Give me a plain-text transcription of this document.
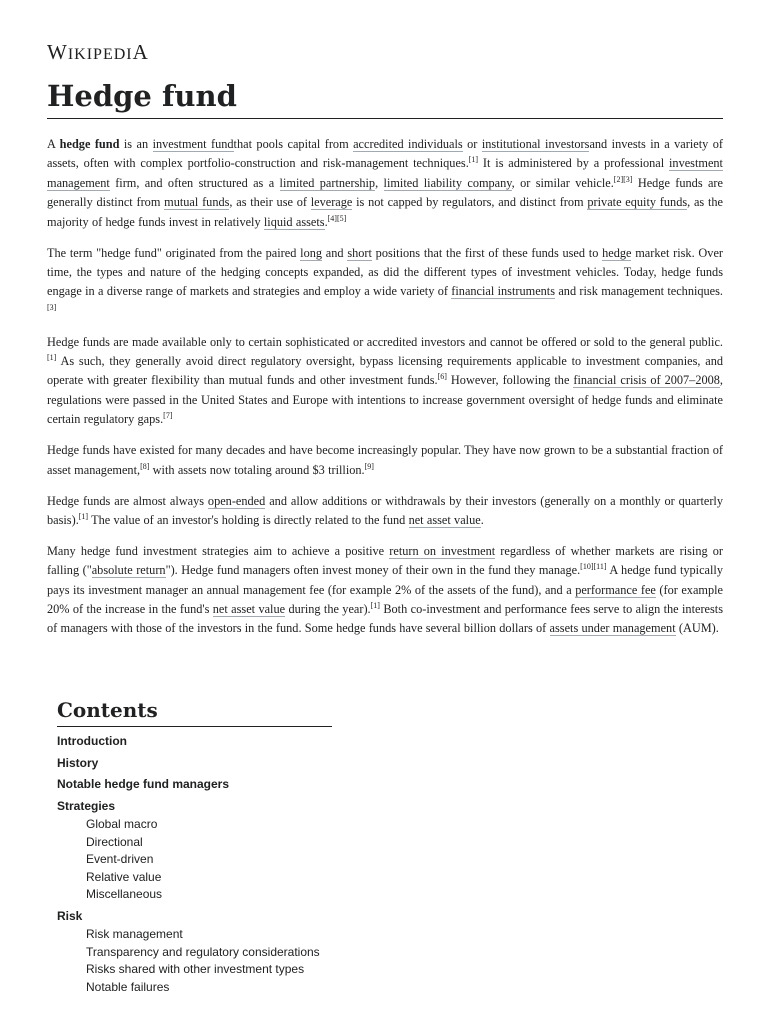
WIKIPEDIA
Hedge fund

A hedge fund is an investment fundthat pools capital from accredited individuals or institutional investorsand invests in a variety of assets, often with complex portfolio-construction and risk-management techniques.[1] It is administered by a professional investment management firm, and often structured as a limited partnership, limited liability company, or similar vehicle.[2][3] Hedge funds are generally distinct from mutual funds, as their use of leverage is not capped by regulators, and distinct from private equity funds, as the majority of hedge funds invest in relatively liquid assets.[4][5]

The term "hedge fund" originated from the paired long and short positions that the first of these funds used to hedge market risk. Over time, the types and nature of the hedging concepts expanded, as did the different types of investment vehicles. Today, hedge funds engage in a diverse range of markets and strategies and employ a wide variety of financial instruments and risk management techniques.[3]

Hedge funds are made available only to certain sophisticated or accredited investors and cannot be offered or sold to the general public.[1] As such, they generally avoid direct regulatory oversight, bypass licensing requirements applicable to investment companies, and operate with greater flexibility than mutual funds and other investment funds.[6] However, following the financial crisis of 2007–2008, regulations were passed in the United States and Europe with intentions to increase government oversight of hedge funds and eliminate certain regulatory gaps.[7]

Hedge funds have existed for many decades and have become increasingly popular. They have now grown to be a substantial fraction of asset management,[8] with assets now totaling around $3 trillion.[9]

Hedge funds are almost always open-ended and allow additions or withdrawals by their investors (generally on a monthly or quarterly basis).[1] The value of an investor's holding is directly related to the fund net asset value.

Many hedge fund investment strategies aim to achieve a positive return on investment regardless of whether markets are rising or falling ("absolute return"). Hedge fund managers often invest money of their own in the fund they manage.[10][11] A hedge fund typically pays its investment manager an annual management fee (for example 2% of the assets of the fund), and a performance fee (for example 20% of the increase in the fund's net asset value during the year).[1] Both co-investment and performance fees serve to align the interests of managers with those of the investors in the fund. Some hedge funds have several billion dollars of assets under management (AUM).

Contents
Introduction
History
Notable hedge fund managers
Strategies
Global macro
Directional
Event-driven
Relative value
Miscellaneous
Risk
Risk management
Transparency and regulatory considerations
Risks shared with other investment types
Notable failures
